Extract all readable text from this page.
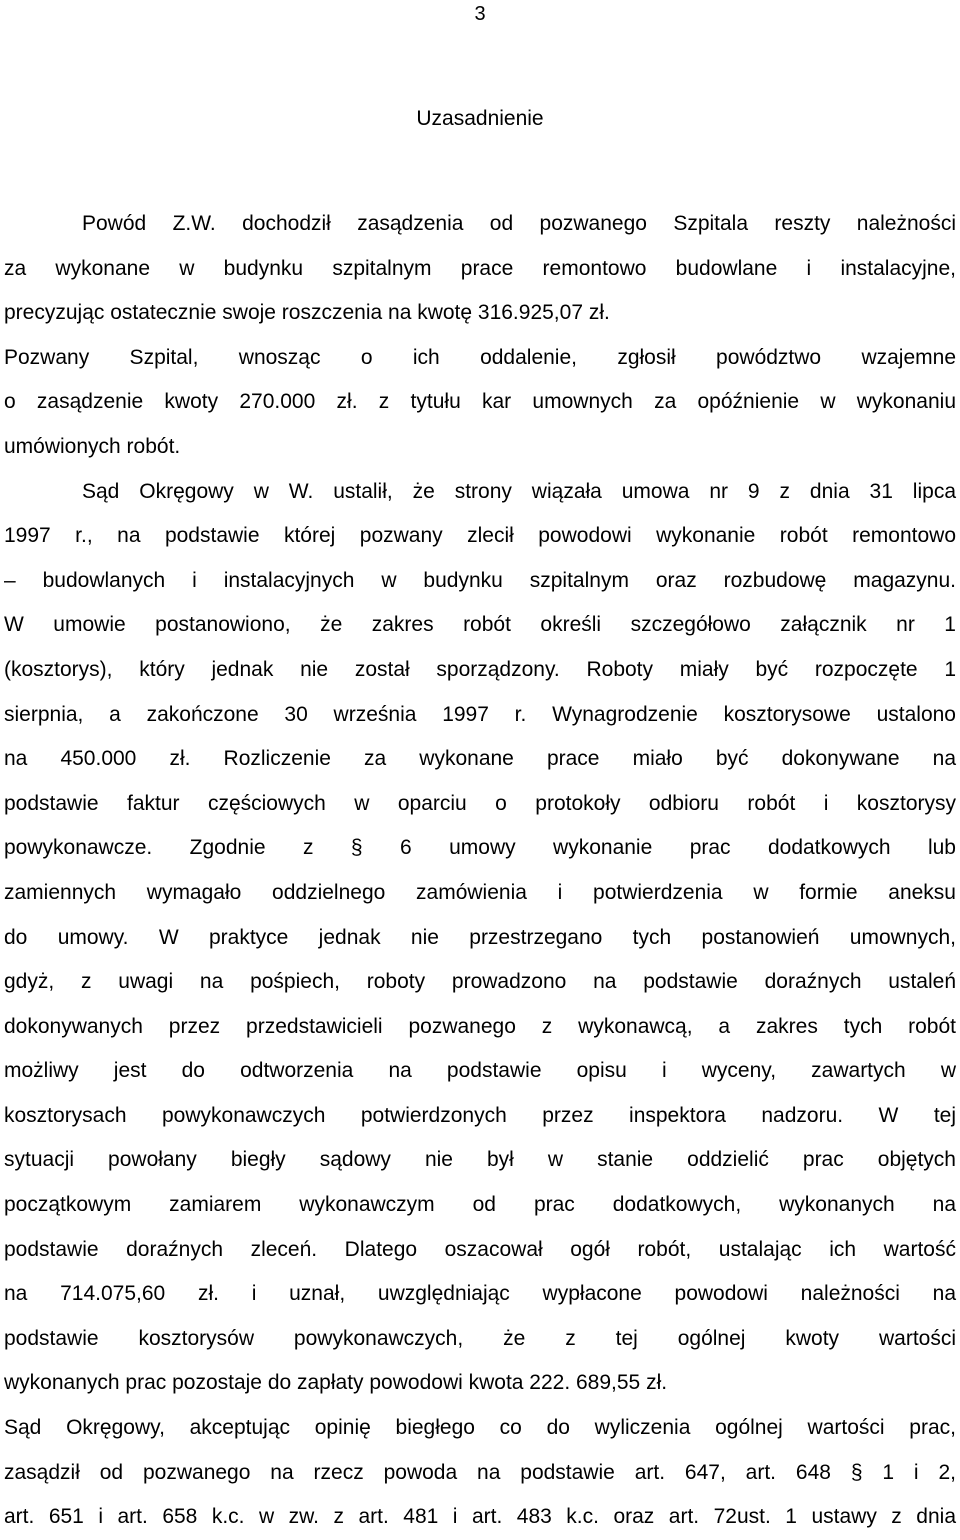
3
Uzasadnienie
Powód Z.W. dochodził zasądzenia od pozwanego Szpitala reszty należności
za wykonane w budynku szpitalnym prace remontowo budowlane i instalacyjne,
precyzując ostatecznie swoje roszczenia na kwotę 316.925,07 zł.
Pozwany Szpital, wnosząc o ich oddalenie, zgłosił powództwo wzajemne
o zasądzenie kwoty 270.000 zł. z tytułu kar umownych za opóźnienie w wykonaniu
umówionych robót.
Sąd Okręgowy w W. ustalił, że strony wiązała umowa nr 9 z dnia 31 lipca
1997 r., na podstawie której pozwany zlecił powodowi wykonanie robót remontowo
– budowlanych i instalacyjnych w budynku szpitalnym oraz rozbudowę magazynu.
W umowie postanowiono, że zakres robót określi szczegółowo załącznik nr 1
(kosztorys), który jednak nie został sporządzony. Roboty miały być rozpoczęte 1
sierpnia, a zakończone 30 września 1997 r. Wynagrodzenie kosztorysowe ustalono
na 450.000 zł. Rozliczenie za wykonane prace miało być dokonywane na
podstawie faktur częściowych w oparciu o protokoły odbioru robót i kosztorysy
powykonawcze. Zgodnie z § 6 umowy wykonanie prac dodatkowych lub
zamiennych wymagało oddzielnego zamówienia i potwierdzenia w formie aneksu
do umowy. W praktyce jednak nie przestrzegano tych postanowień umownych,
gdyż, z uwagi na pośpiech, roboty prowadzono na podstawie doraźnych ustaleń
dokonywanych przez przedstawicieli pozwanego z wykonawcą, a zakres tych robót
możliwy jest do odtworzenia na podstawie opisu i wyceny, zawartych w
kosztorysach powykonawczych potwierdzonych przez inspektora nadzoru. W tej
sytuacji powołany biegły sądowy nie był w stanie oddzielić prac objętych
początkowym zamiarem wykonawczym od prac dodatkowych, wykonanych na
podstawie doraźnych zleceń. Dlatego oszacował ogół robót, ustalając ich wartość
na 714.075,60 zł. i uznał, uwzględniając wypłacone powodowi należności na
podstawie kosztorysów powykonawczych, że z tej ogólnej kwoty wartości
wykonanych prac pozostaje do zapłaty powodowi kwota 222. 689,55 zł.
Sąd Okręgowy, akceptując opinię biegłego co do wyliczenia ogólnej wartości prac,
zasądził od pozwanego na rzecz powoda na podstawie art. 647, art. 648 § 1 i 2,
art. 651 i art. 658 k.c. w zw. z art. 481 i art. 483 k.c. oraz art. 72ust. 1 ustawy z dnia
